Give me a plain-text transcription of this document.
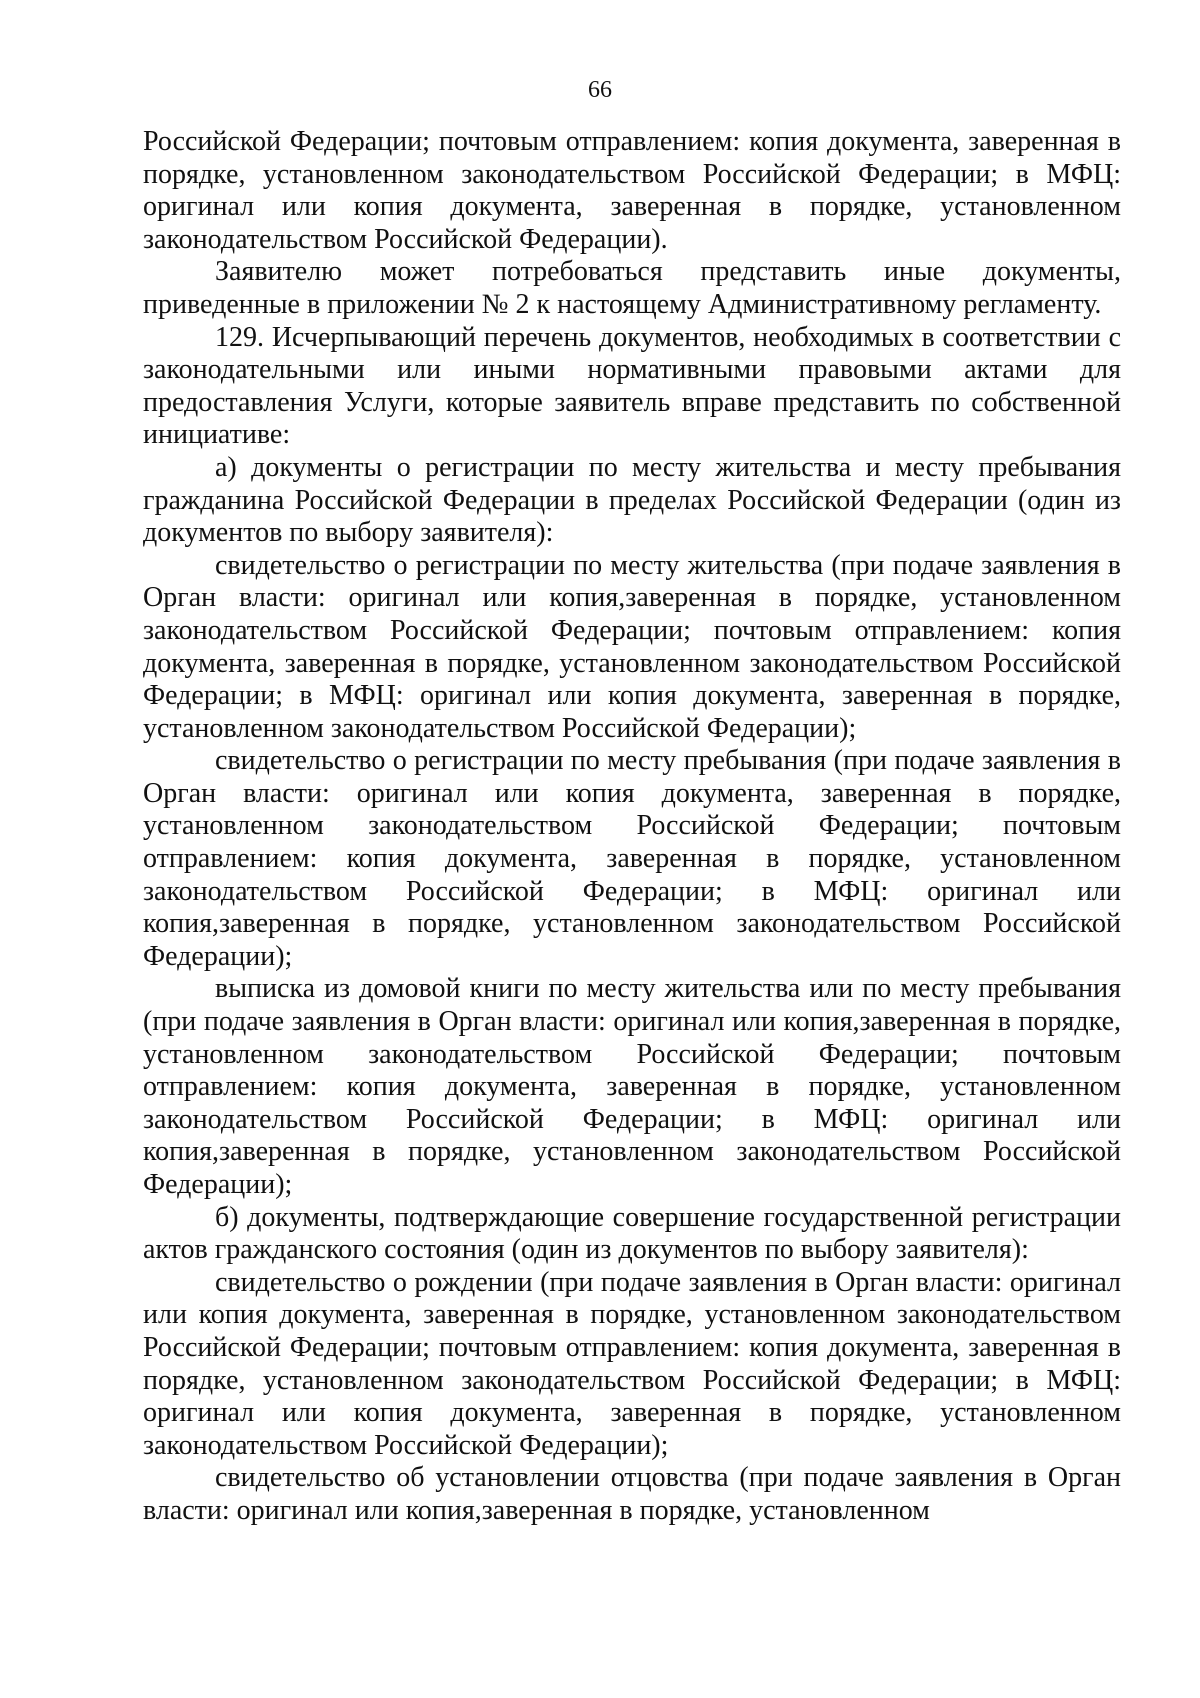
66

Российской Федерации; почтовым отправлением: копия документа, заверенная в порядке, установленном законодательством Российской Федерации; в МФЦ: оригинал или копия документа, заверенная в порядке, установленном законодательством Российской Федерации).

Заявителю может потребоваться представить иные документы, приведенные в приложении № 2 к настоящему Административному регламенту.

129. Исчерпывающий перечень документов, необходимых в соответствии с законодательными или иными нормативными правовыми актами для предоставления Услуги, которые заявитель вправе представить по собственной инициативе:

а) документы о регистрации по месту жительства и месту пребывания гражданина Российской Федерации в пределах Российской Федерации (один из документов по выбору заявителя):

свидетельство о регистрации по месту жительства (при подаче заявления в Орган власти: оригинал или копия,заверенная в порядке, установленном законодательством Российской Федерации; почтовым отправлением: копия документа, заверенная в порядке, установленном законодательством Российской Федерации; в МФЦ: оригинал или копия документа, заверенная в порядке, установленном законодательством Российской Федерации);

свидетельство о регистрации по месту пребывания (при подаче заявления в Орган власти: оригинал или копия документа, заверенная в порядке, установленном законодательством Российской Федерации; почтовым отправлением: копия документа, заверенная в порядке, установленном законодательством Российской Федерации; в МФЦ: оригинал или копия,заверенная в порядке, установленном законодательством Российской Федерации);

выписка из домовой книги по месту жительства или по месту пребывания (при подаче заявления в Орган власти: оригинал или копия,заверенная в порядке, установленном законодательством Российской Федерации; почтовым отправлением: копия документа, заверенная в порядке, установленном законодательством Российской Федерации; в МФЦ: оригинал или копия,заверенная в порядке, установленном законодательством Российской Федерации);

б) документы, подтверждающие совершение государственной регистрации актов гражданского состояния (один из документов по выбору заявителя):

свидетельство о рождении (при подаче заявления в Орган власти: оригинал или копия документа, заверенная в порядке, установленном законодательством Российской Федерации; почтовым отправлением: копия документа, заверенная в порядке, установленном законодательством Российской Федерации; в МФЦ: оригинал или копия документа, заверенная в порядке, установленном законодательством Российской Федерации);

свидетельство об установлении отцовства (при подаче заявления в Орган власти: оригинал или копия,заверенная в порядке, установленном
